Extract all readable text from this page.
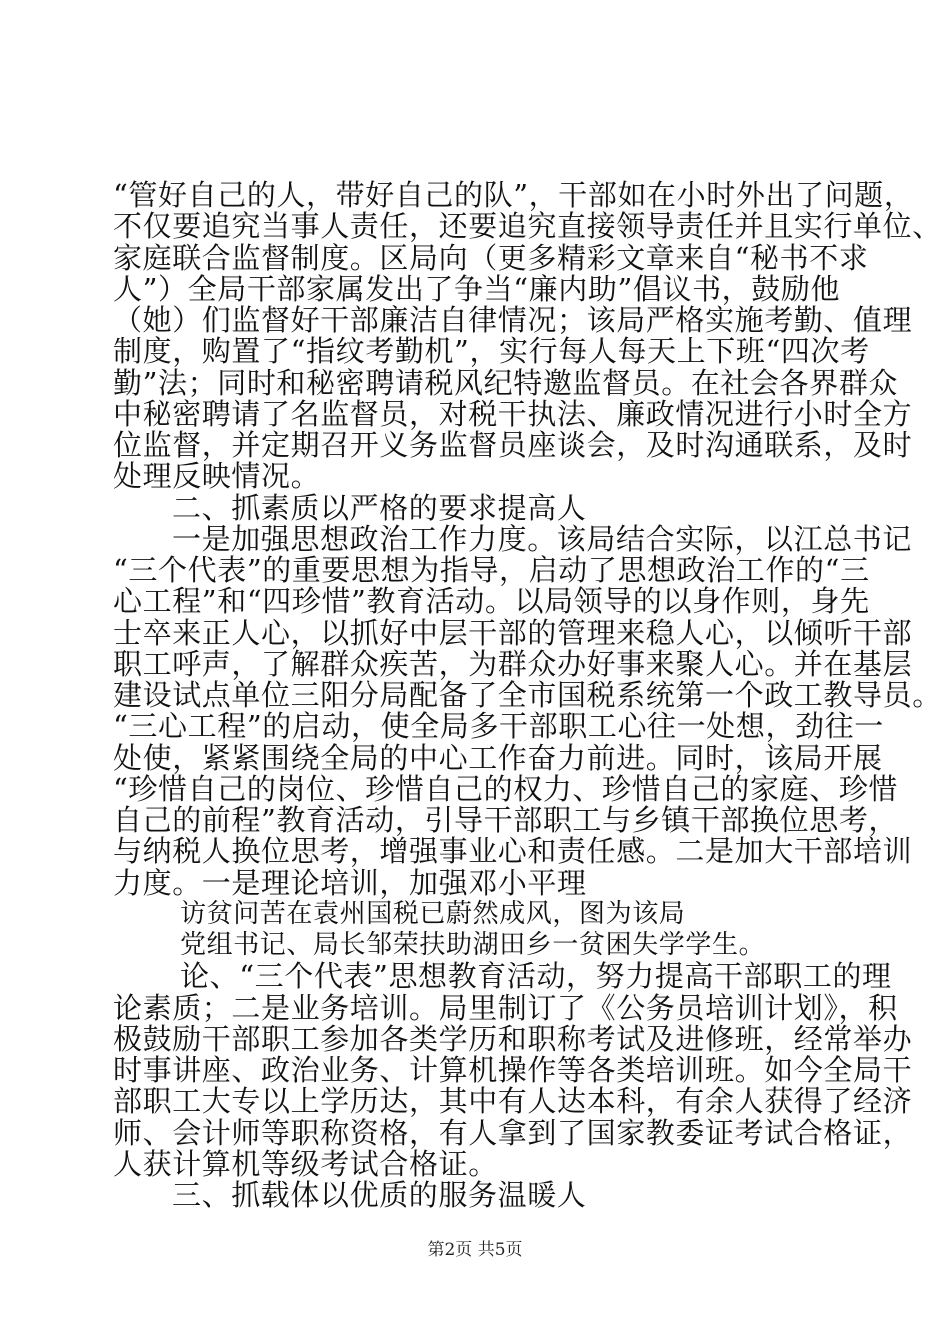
“管好自己的人，带好自己的队”，干部如在小时外出了问题，
不仅要追究当事人责任，还要追究直接领导责任并且实行单位、
家庭联合监督制度。区局向（更多精彩文章来自“秘书不求
人”）全局干部家属发出了争当“廉内助”倡议书，鼓励他
（她）们监督好干部廉洁自律情况；该局严格实施考勤、值理
制度，购置了“指纹考勤机”，实行每人每天上下班“四次考
勤”法；同时和秘密聘请税风纪特邀监督员。在社会各界群众
中秘密聘请了名监督员，对税干执法、廉政情况进行小时全方
位监督，并定期召开义务监督员座谈会，及时沟通联系，及时
处理反映情况。
二、抓素质以严格的要求提高人
一是加强思想政治工作力度。该局结合实际，以江总书记
“三个代表”的重要思想为指导，启动了思想政治工作的“三
心工程”和“四珍惜”教育活动。以局领导的以身作则，身先
士卒来正人心，以抓好中层干部的管理来稳人心，以倾听干部
职工呼声，了解群众疾苦，为群众办好事来聚人心。并在基层
建设试点单位三阳分局配备了全市国税系统第一个政工教导员。
“三心工程”的启动，使全局多干部职工心往一处想，劲往一
处使，紧紧围绕全局的中心工作奋力前进。同时，该局开展
“珍惜自己的岗位、珍惜自己的权力、珍惜自己的家庭、珍惜
自己的前程”教育活动，引导干部职工与乡镇干部换位思考，
与纳税人换位思考，增强事业心和责任感。二是加大干部培训
力度。一是理论培训，加强邓小平理
访贫问苦在袁州国税已蔚然成风，图为该局
党组书记、局长邹荣扶助湖田乡一贫困失学学生。
论、“三个代表”思想教育活动，努力提高干部职工的理
论素质；二是业务培训。局里制订了《公务员培训计划》，积
极鼓励干部职工参加各类学历和职称考试及进修班，经常举办
时事讲座、政治业务、计算机操作等各类培训班。如今全局干
部职工大专以上学历达，其中有人达本科，有余人获得了经济
师、会计师等职称资格，有人拿到了国家教委证考试合格证，
人获计算机等级考试合格证。
三、抓载体以优质的服务温暖人
第2页 共5页
